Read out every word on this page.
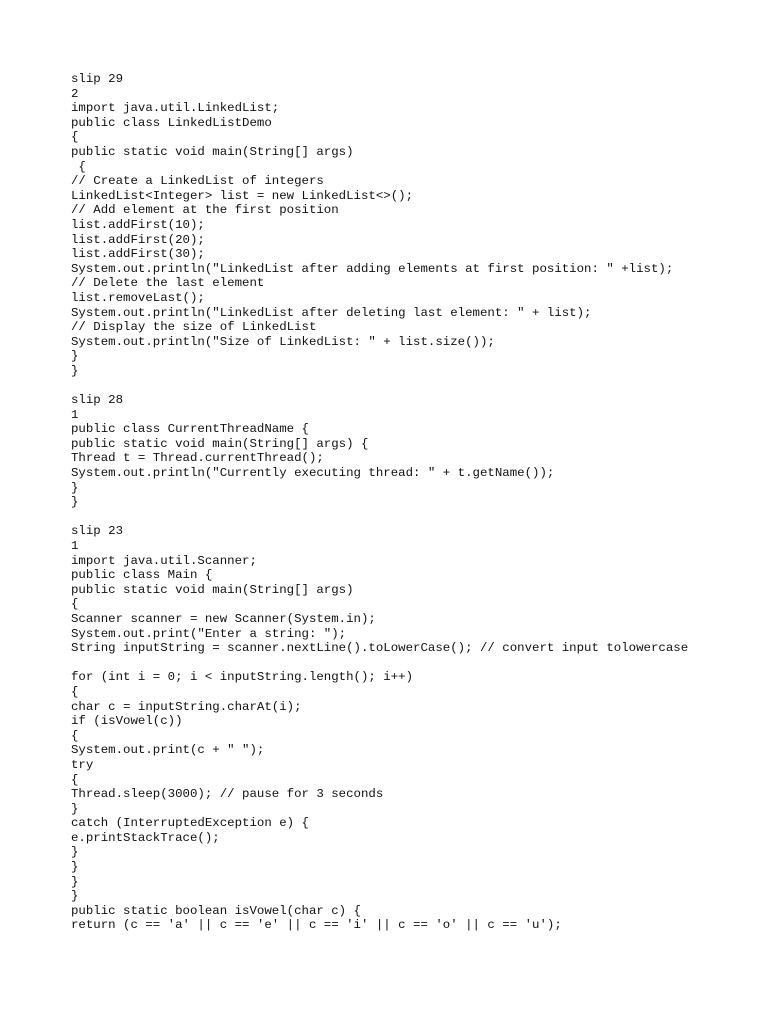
slip 29
2
import java.util.LinkedList;
public class LinkedListDemo
{
public static void main(String[] args)
{
// Create a LinkedList of integers
LinkedList<Integer> list = new LinkedList<>();
// Add element at the first position
list.addFirst(10);
list.addFirst(20);
list.addFirst(30);
System.out.println("LinkedList after adding elements at first position: " +list);
// Delete the last element
list.removeLast();
System.out.println("LinkedList after deleting last element: " + list);
// Display the size of LinkedList
System.out.println("Size of LinkedList: " + list.size());
}
}
slip 28
1
public class CurrentThreadName {
public static void main(String[] args) {
Thread t = Thread.currentThread();
System.out.println("Currently executing thread: " + t.getName());
}
}
slip 23
1
import java.util.Scanner;
public class Main {
public static void main(String[] args)
{
Scanner scanner = new Scanner(System.in);
System.out.print("Enter a string: ");
String inputString = scanner.nextLine().toLowerCase(); // convert input tolowercase
for (int i = 0; i < inputString.length(); i++)
{
char c = inputString.charAt(i);
if (isVowel(c))
{
System.out.print(c + " ");
try
{
Thread.sleep(3000); // pause for 3 seconds
}
catch (InterruptedException e) {
e.printStackTrace();
}
}
}
}
public static boolean isVowel(char c) {
return (c == 'a' || c == 'e' || c == 'i' || c == 'o' || c == 'u');
